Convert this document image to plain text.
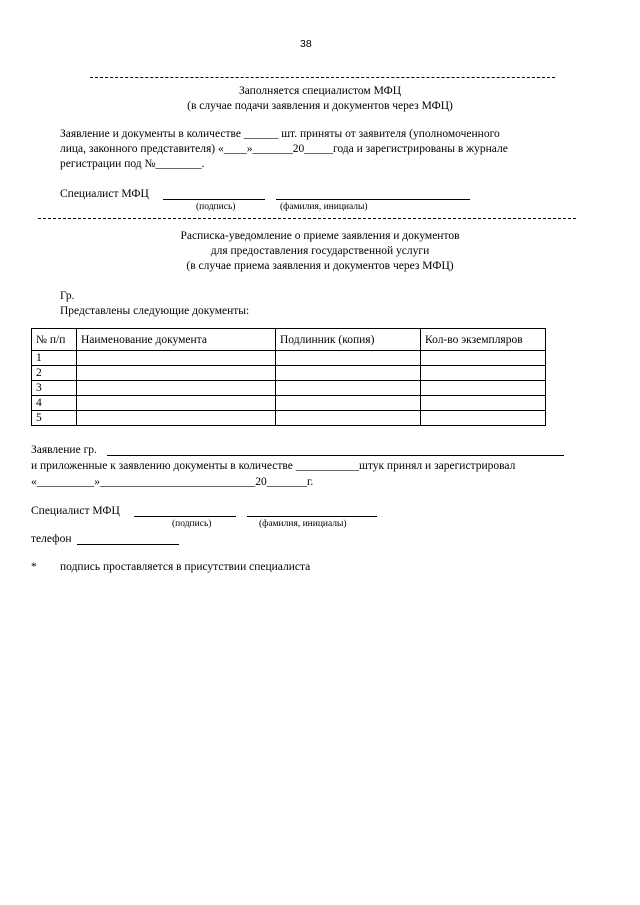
38
Заполняется специалистом МФЦ
(в случае подачи заявления и документов через МФЦ)
Заявление и документы в количестве ______ шт. приняты от заявителя (уполномоченного
лица, законного представителя) «____»_______20_____года и зарегистрированы в журнале
регистрации под №________.
Специалист МФЦ
(подпись)	(фамилия, инициалы)
Расписка-уведомление о приеме заявления и документов
для предоставления государственной услуги
(в случае приема заявления и документов через МФЦ)
Гр.
Представлены следующие документы:
№ п/п	Наименование документа	Подлинник (копия)	Кол-во экземпляров
1			
2			
3			
4			
5			
Заявление гр.
и приложенные к заявлению документы в количестве ___________штук принял и зарегистрировал
«__________»___________________________20_______г.
Специалист МФЦ
(подпись)	(фамилия, инициалы)
телефон
* подпись проставляется в присутствии специалиста
